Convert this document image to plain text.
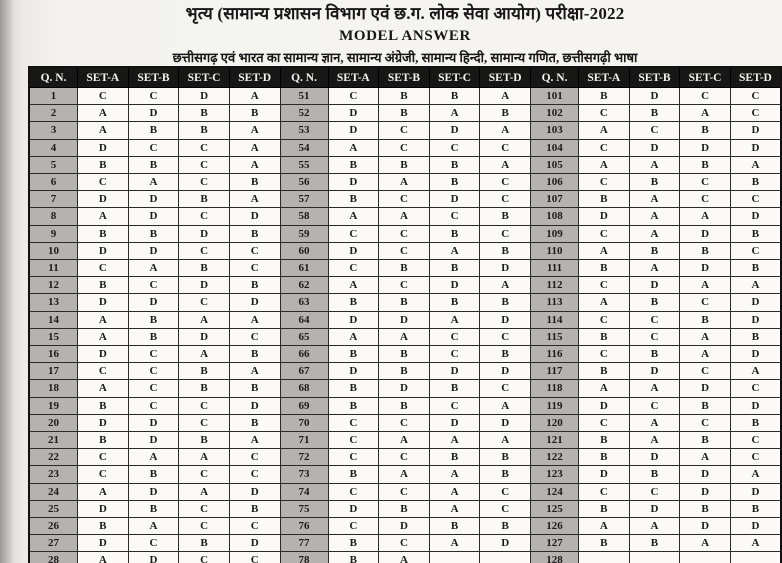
भृत्य (सामान्य प्रशासन विभाग एवं छ.ग. लोक सेवा आयोग) परीक्षा-2022
MODEL ANSWER
छत्तीसगढ़ एवं भारत का सामान्य ज्ञान, सामान्य अंग्रेजी, सामान्य हिन्दी, सामान्य गणित, छत्तीसगढ़ी भाषा
Q. N.	SET-A	SET-B	SET-C	SET-D	Q. N.	SET-A	SET-B	SET-C	SET-D	Q. N.	SET-A	SET-B	SET-C	SET-D
1	C	C	D	A	51	C	B	B	A	101	B	D	C	C
2	A	D	B	B	52	D	B	A	B	102	C	B	A	C
3	A	B	B	A	53	D	C	D	A	103	A	C	B	D
4	D	C	C	A	54	A	C	C	C	104	C	D	D	D
5	B	B	C	A	55	B	B	B	A	105	A	A	B	A
6	C	A	C	B	56	D	A	B	C	106	C	B	C	B
7	D	D	B	A	57	B	C	D	C	107	B	A	C	C
8	A	D	C	D	58	A	A	C	B	108	D	A	A	D
9	B	B	D	B	59	C	C	B	C	109	C	A	D	B
10	D	D	C	C	60	D	C	A	B	110	A	B	B	C
11	C	A	B	C	61	C	B	B	D	111	B	A	D	B
12	B	C	D	B	62	A	C	D	A	112	C	D	A	A
13	D	D	C	D	63	B	B	B	B	113	A	B	C	D
14	A	B	A	A	64	D	D	A	D	114	C	C	B	D
15	A	B	D	C	65	A	A	C	C	115	B	C	A	B
16	D	C	A	B	66	B	B	C	B	116	C	B	A	D
17	C	C	B	A	67	D	B	D	D	117	B	D	C	A
18	A	C	B	B	68	B	D	B	C	118	A	A	D	C
19	B	C	C	D	69	B	B	C	A	119	D	C	B	D
20	D	D	C	B	70	C	C	D	D	120	C	A	C	B
21	B	D	B	A	71	C	A	A	A	121	B	A	B	C
22	C	A	A	C	72	C	C	B	B	122	B	D	A	C
23	C	B	C	C	73	B	A	A	B	123	D	B	D	A
24	A	D	A	D	74	C	C	A	C	124	C	C	D	D
25	D	B	C	B	75	D	B	A	C	125	B	D	B	B
26	B	A	C	C	76	C	D	B	B	126	A	A	D	D
27	D	C	B	D	77	B	C	A	D	127	B	B	A	A
28	A	D	C	C	78	B	A			128				
